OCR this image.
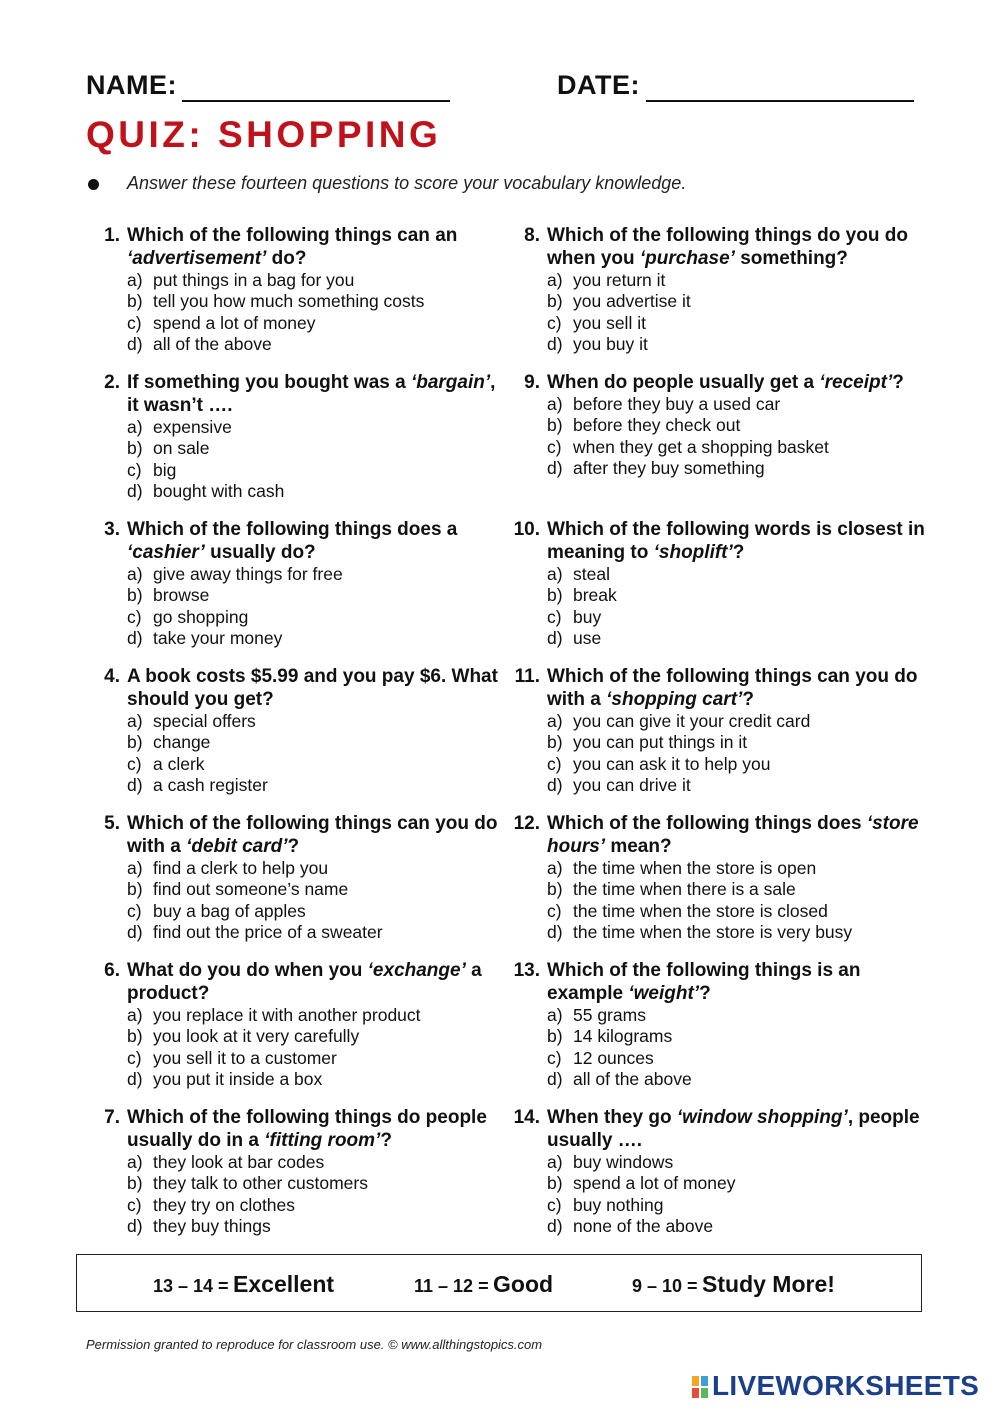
NAME:	DATE:
QUIZ: SHOPPING
Answer these fourteen questions to score your vocabulary knowledge.
1. Which of the following things can an ‘advertisement’ do?
a) put things in a bag for you
b) tell you how much something costs
c) spend a lot of money
d) all of the above
2. If something you bought was a ‘bargain’, it wasn’t ….
a) expensive
b) on sale
c) big
d) bought with cash
3. Which of the following things does a ‘cashier’ usually do?
a) give away things for free
b) browse
c) go shopping
d) take your money
4. A book costs $5.99 and you pay $6. What should you get?
a) special offers
b) change
c) a clerk
d) a cash register
5. Which of the following things can you do with a ‘debit card’?
a) find a clerk to help you
b) find out someone’s name
c) buy a bag of apples
d) find out the price of a sweater
6. What do you do when you ‘exchange’ a product?
a) you replace it with another product
b) you look at it very carefully
c) you sell it to a customer
d) you put it inside a box
7. Which of the following things do people usually do in a ‘fitting room’?
a) they look at bar codes
b) they talk to other customers
c) they try on clothes
d) they buy things
8. Which of the following things do you do when you ‘purchase’ something?
a) you return it
b) you advertise it
c) you sell it
d) you buy it
9. When do people usually get a ‘receipt’?
a) before they buy a used car
b) before they check out
c) when they get a shopping basket
d) after they buy something
10. Which of the following words is closest in meaning to ‘shoplift’?
a) steal
b) break
c) buy
d) use
11. Which of the following things can you do with a ‘shopping cart’?
a) you can give it your credit card
b) you can put things in it
c) you can ask it to help you
d) you can drive it
12. Which of the following things does ‘store hours’ mean?
a) the time when the store is open
b) the time when there is a sale
c) the time when the store is closed
d) the time when the store is very busy
13. Which of the following things is an example ‘weight’?
a) 55 grams
b) 14 kilograms
c) 12 ounces
d) all of the above
14. When they go ‘window shopping’, people usually ….
a) buy windows
b) spend a lot of money
c) buy nothing
d) none of the above
13 – 14 = Excellent	11 – 12 = Good	9 – 10 = Study More!
Permission granted to reproduce for classroom use. © www.allthingstopics.com
LIVEWORKSHEETS
